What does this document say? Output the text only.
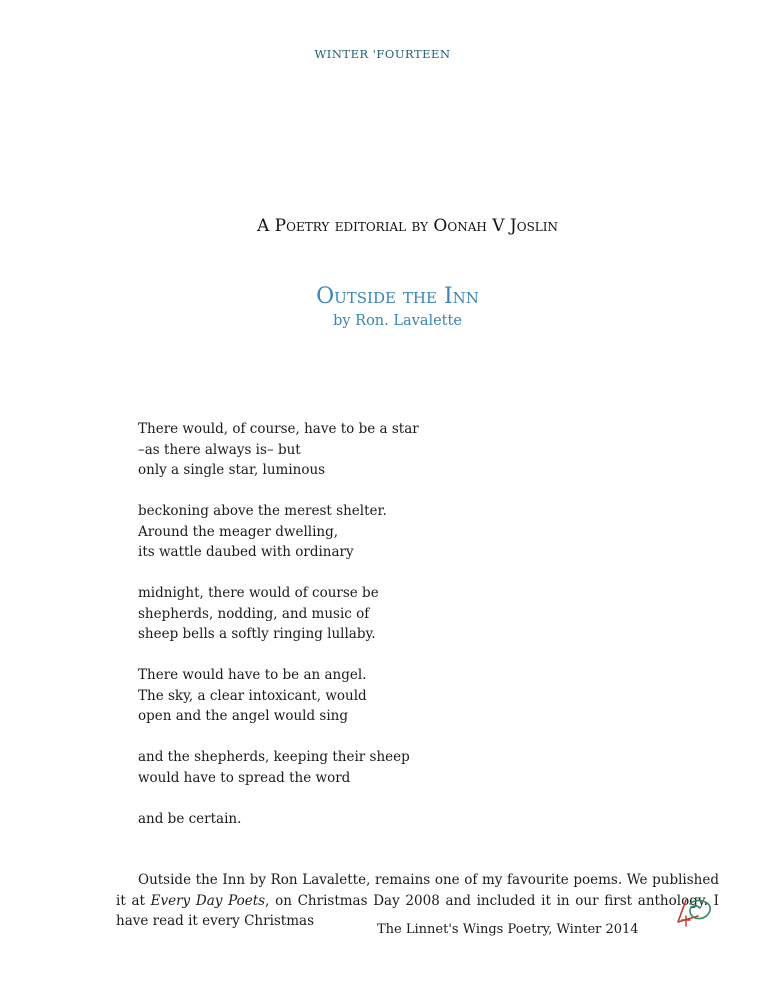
WINTER 'FOURTEEN
A Poetry editorial by Oonah V Joslin
Outside the Inn
by Ron. Lavalette
There would, of course, have to be a star
–as there always is– but
only a single star, luminous
beckoning above the merest shelter.
Around the meager dwelling,
its wattle daubed with ordinary
midnight, there would of course be
shepherds, nodding, and music of
sheep bells a softly ringing lullaby.
There would have to be an angel.
The sky, a clear intoxicant, would
open and the angel would sing
and the shepherds, keeping their sheep
would have to spread the word
and be certain.
Outside the Inn by Ron Lavalette, remains one of my favourite poems. We published it at Every Day Poets, on Christmas Day 2008 and included it in our first anthology. I have read it every Christmas
The Linnet's Wings Poetry, Winter 2014
